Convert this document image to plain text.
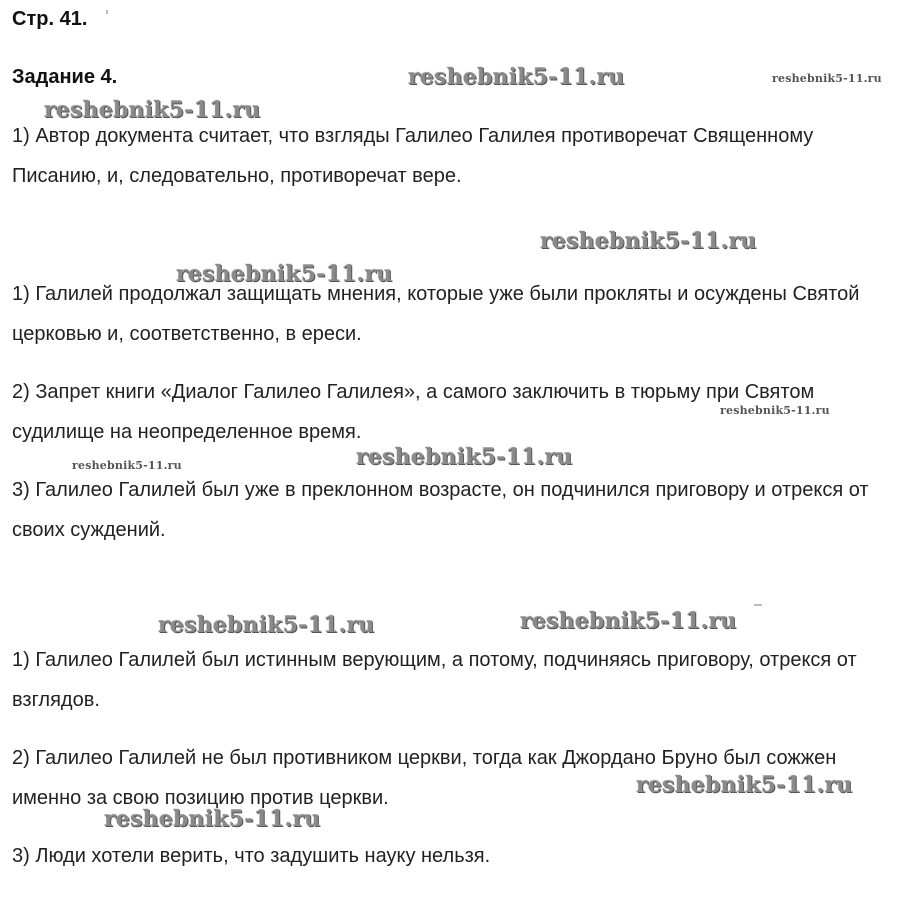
Стр. 41.
Задание 4.
1) Автор документа считает, что взгляды Галилео Галилея противоречат Священному Писанию, и, следовательно, противоречат вере.
1) Галилей продолжал защищать мнения, которые уже были прокляты и осуждены Святой церковью и, соответственно, в ереси.
2) Запрет книги «Диалог Галилео Галилея», а самого заключить в тюрьму при Святом судилище на неопределенное время.
3) Галилео Галилей был уже в преклонном возрасте, он подчинился приговору и отрекся от своих суждений.
1) Галилео Галилей был истинным верующим, а потому, подчиняясь приговору, отрекся от взглядов.
2) Галилео Галилей не был противником церкви, тогда как Джордано Бруно был сожжен именно за свою позицию против церкви.
3) Люди хотели верить, что задушить науку нельзя.
reshebnik5-11.ru	reshebnik5-11.ru
reshebnik5-11.ru
reshebnik5-11.ru
reshebnik5-11.ru
reshebnik5-11.ru
reshebnik5-11.ru	reshebnik5-11.ru
reshebnik5-11.ru	reshebnik5-11.ru
reshebnik5-11.ru
reshebnik5-11.ru
